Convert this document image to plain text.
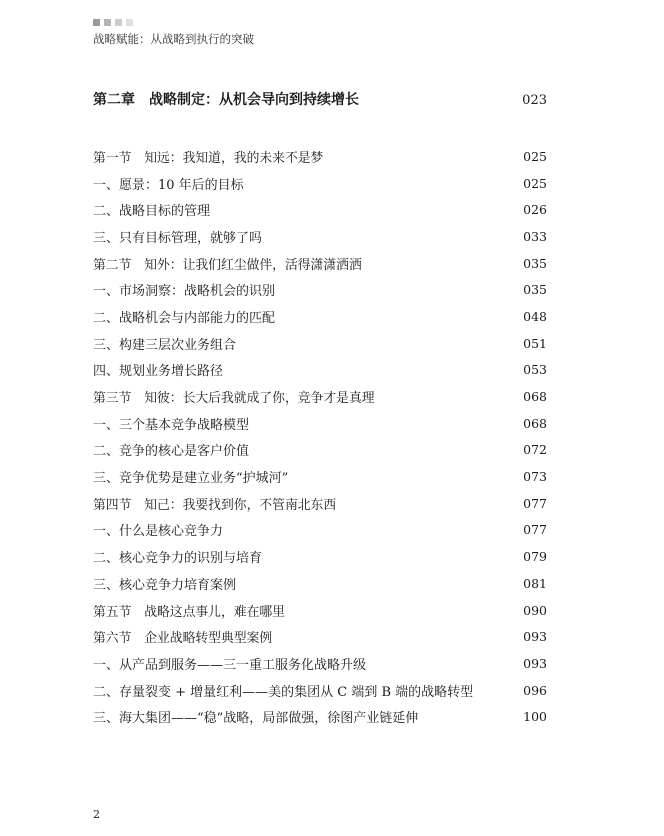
战略赋能：从战略到执行的突破
第二章　战略制定：从机会导向到持续增长	023
第一节　知远：我知道，我的未来不是梦	025
一、愿景：10 年后的目标	025
二、战略目标的管理	026
三、只有目标管理，就够了吗	033
第二节　知外：让我们红尘做伴，活得潇潇洒洒	035
一、市场洞察：战略机会的识别	035
二、战略机会与内部能力的匹配	048
三、构建三层次业务组合	051
四、规划业务增长路径	053
第三节　知彼：长大后我就成了你，竞争才是真理	068
一、三个基本竞争战略模型	068
二、竞争的核心是客户价值	072
三、竞争优势是建立业务“护城河”	073
第四节　知己：我要找到你，不管南北东西	077
一、什么是核心竞争力	077
二、核心竞争力的识别与培育	079
三、核心竞争力培育案例	081
第五节　战略这点事儿，难在哪里	090
第六节　企业战略转型典型案例	093
一、从产品到服务——三一重工服务化战略升级	093
二、存量裂变 + 增量红利——美的集团从 C 端到 B 端的战略转型	096
三、海大集团——“稳”战略，局部做强，徐图产业链延伸	100
2
